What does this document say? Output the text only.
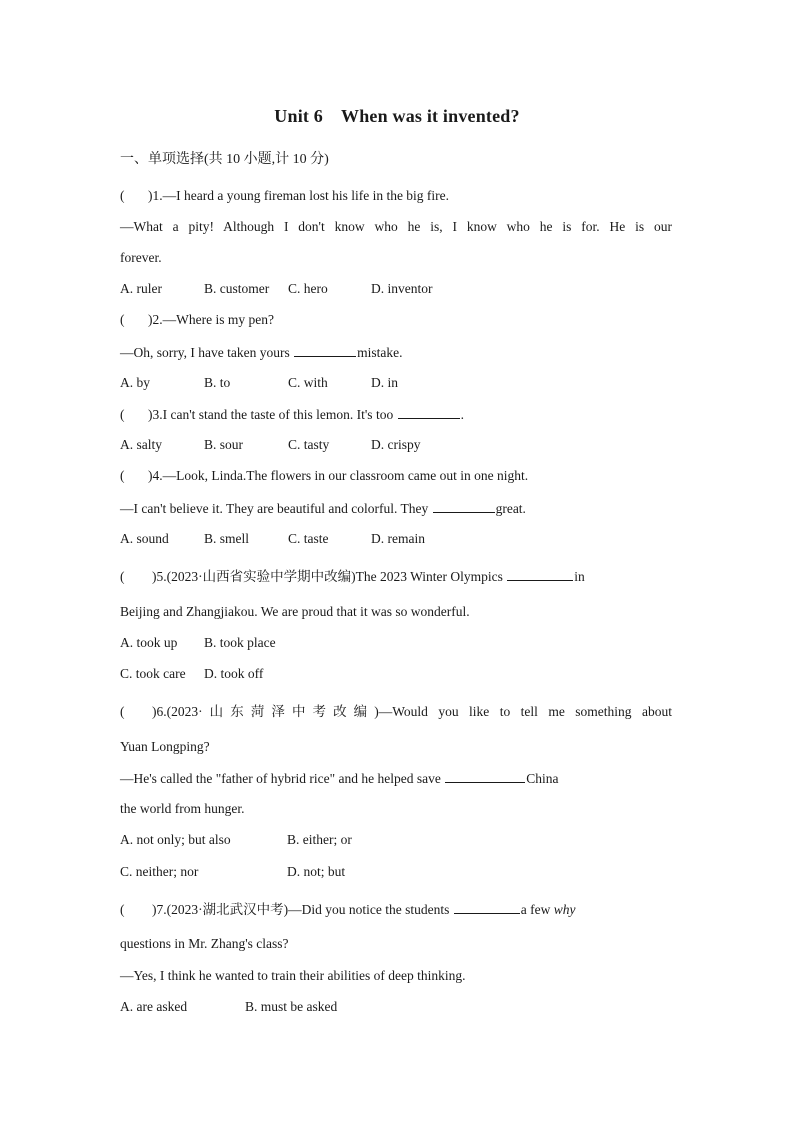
Unit 6 When was it invented?
一、单项选择(共 10 小题,计 10 分)
( )1.—I heard a young fireman lost his life in the big fire.
—What a pity! Although I don't know who he is, I know who he is for. He is our
forever.
A. ruler	B. customer C. hero	D. inventor
( )2.—Where is my pen?
—Oh, sorry, I have taken yours	mistake.
A. by	B. to	C. with	D. in
( )3.I can't stand the taste of this lemon. It's too	.
A. salty	B. sour	C. tasty	D. crispy
( )4.—Look, Linda.The flowers in our classroom came out in one night.
—I can't believe it. They are beautiful and colorful. They	great.
A. sound	B. smell	C. taste	D. remain
( )5.(2023·山西省实验中学期中改编)The 2023 Winter Olympics	in
Beijing and Zhangjiakou. We are proud that it was so wonderful.
A. took up B. took place
C. took care D. took off
( )6.(2023·山东菏泽中考改编)—Would you like to tell me something about
Yuan Longping?
—He's called the "father of hybrid rice" and he helped save	China
the world from hunger.
A. not only; but also	B. either; or
C. neither; nor	D. not; but
( )7.(2023·湖北武汉中考)—Did you notice the students	a few why
questions in Mr. Zhang's class?
—Yes, I think he wanted to train their abilities of deep thinking.
A. are asked	B. must be asked
